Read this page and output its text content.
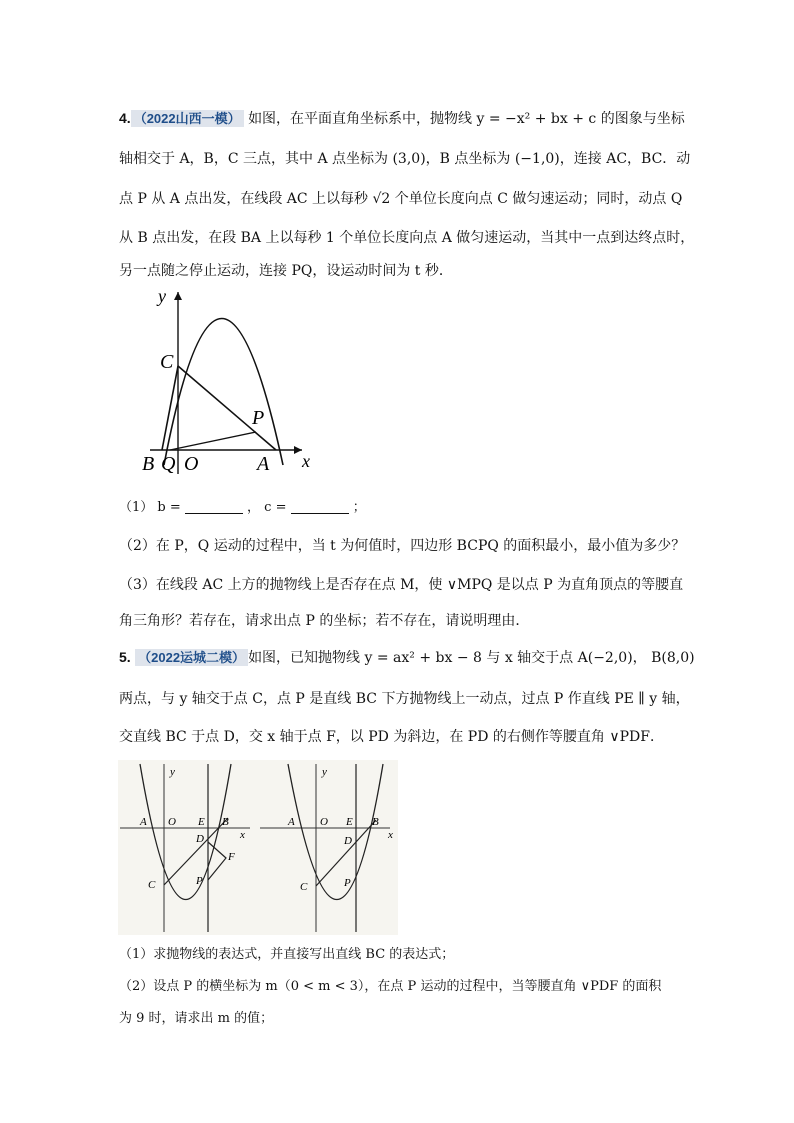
4. （2022山西一模） 如图，在平面直角坐标系中，抛物线 y = −x² + bx + c 的图象与坐标
轴相交于 A，B，C 三点，其中 A 点坐标为 (3,0)，B 点坐标为 (−1,0)，连接 AC，BC．动
点 P 从 A 点出发，在线段 AC 上以每秒 √2 个单位长度向点 C 做匀速运动；同时，动点 Q
从 B 点出发，在段 BA 上以每秒 1 个单位长度向点 A 做匀速运动，当其中一点到达终点时，
另一点随之停止运动，连接 PQ，设运动时间为 t 秒．
y
x
C
P
B Q O	A
（1） b =	， c =	；
（2）在 P，Q 运动的过程中，当 t 为何值时，四边形 BCPQ 的面积最小，最小值为多少？
（3）在线段 AC 上方的抛物线上是否存在点 M，使 ∨MPQ 是以点 P 为直角顶点的等腰直
角三角形？若存在，请求出点 P 的坐标；若不存在，请说明理由．
5. （2022运城二模） 如图，已知抛物线 y = ax² + bx − 8 与 x 轴交于点 A(−2,0)， B(8,0)
两点，与 y 轴交于点 C，点 P 是直线 BC 下方抛物线上一动点，过点 P 作直线 PE ∥ y 轴，
交直线 BC 于点 D，交 x 轴于点 F，以 PD 为斜边，在 PD 的右侧作等腰直角 ∨PDF．
y
x
A O E B
D
F
C	P
y
x
A O E B
D
C	P
（1）求抛物线的表达式，并直接写出直线 BC 的表达式；
（2）设点 P 的横坐标为 m（0 < m < 3），在点 P 运动的过程中，当等腰直角 ∨PDF 的面积
为 9 时，请求出 m 的值；
